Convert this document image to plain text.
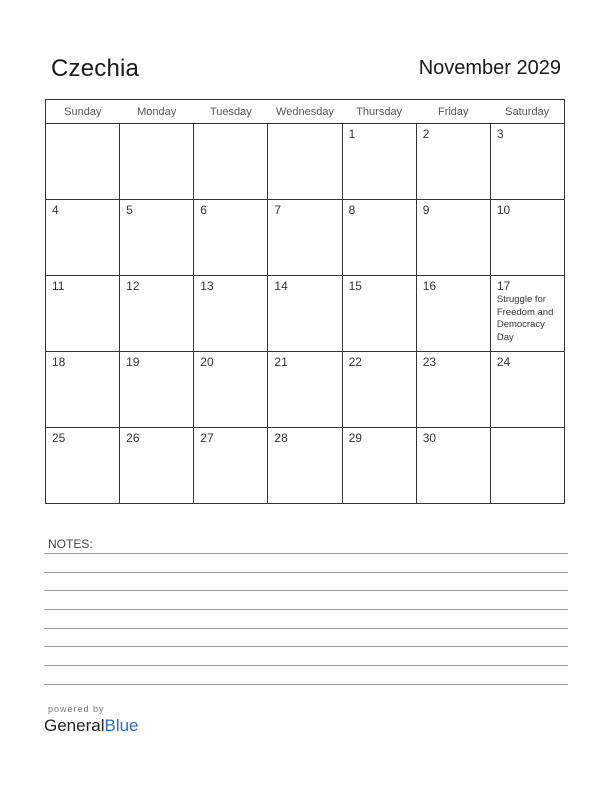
Czechia	November 2029
Sunday	Monday	Tuesday	Wednesday	Thursday	Friday	Saturday

				1	2	3

4	5	6	7	8	9	10

11	12	13	14	15	16	17
Struggle for Freedom and Democracy Day

18	19	20	21	22	23	24

25	26	27	28	29	30	

NOTES:
powered by
GeneralBlue
